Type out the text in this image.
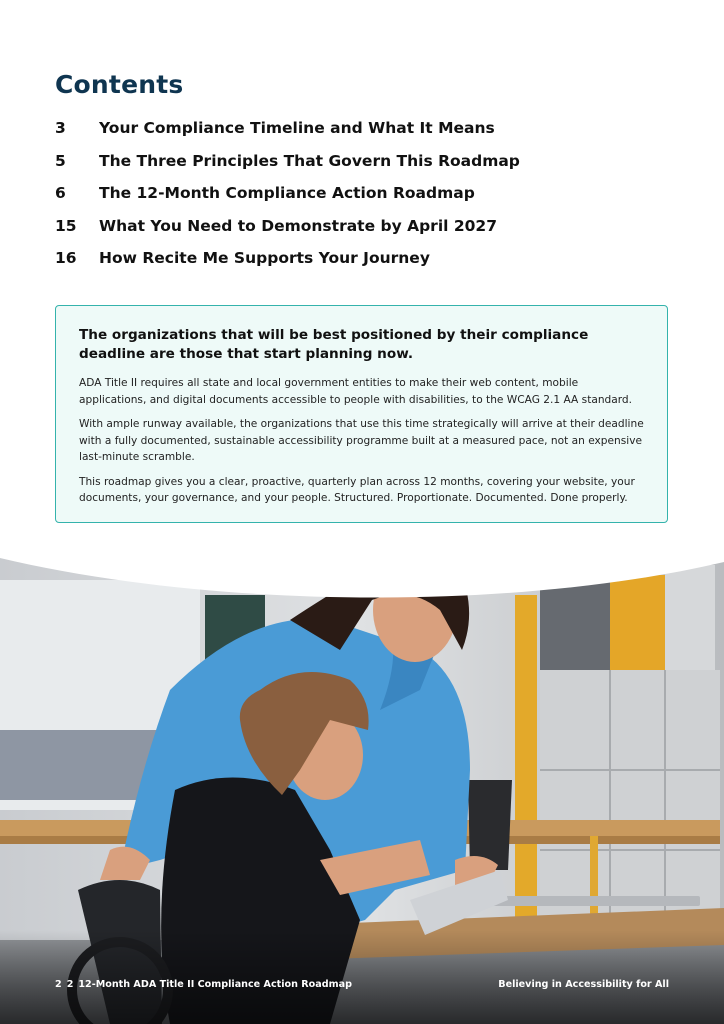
Contents
3	Your Compliance Timeline and What It Means
5	The Three Principles That Govern This Roadmap
6	The 12-Month Compliance Action Roadmap
15	What You Need to Demonstrate by April 2027
16	How Recite Me Supports Your Journey
The organizations that will be best positioned by their compliance deadline are those that start planning now.

ADA Title II requires all state and local government entities to make their web content, mobile applications, and digital documents accessible to people with disabilities, to the WCAG 2.1 AA standard.

With ample runway available, the organizations that use this time strategically will arrive at their deadline with a fully documented, sustainable accessibility programme built at a measured pace, not an expensive last-minute scramble.

This roadmap gives you a clear, proactive, quarterly plan across 12 months, covering your website, your documents, your governance, and your people. Structured. Proportionate. Documented. Done properly.

2 2 12-Month ADA Title II Compliance Action Roadmap	Believing in Accessibility for All
